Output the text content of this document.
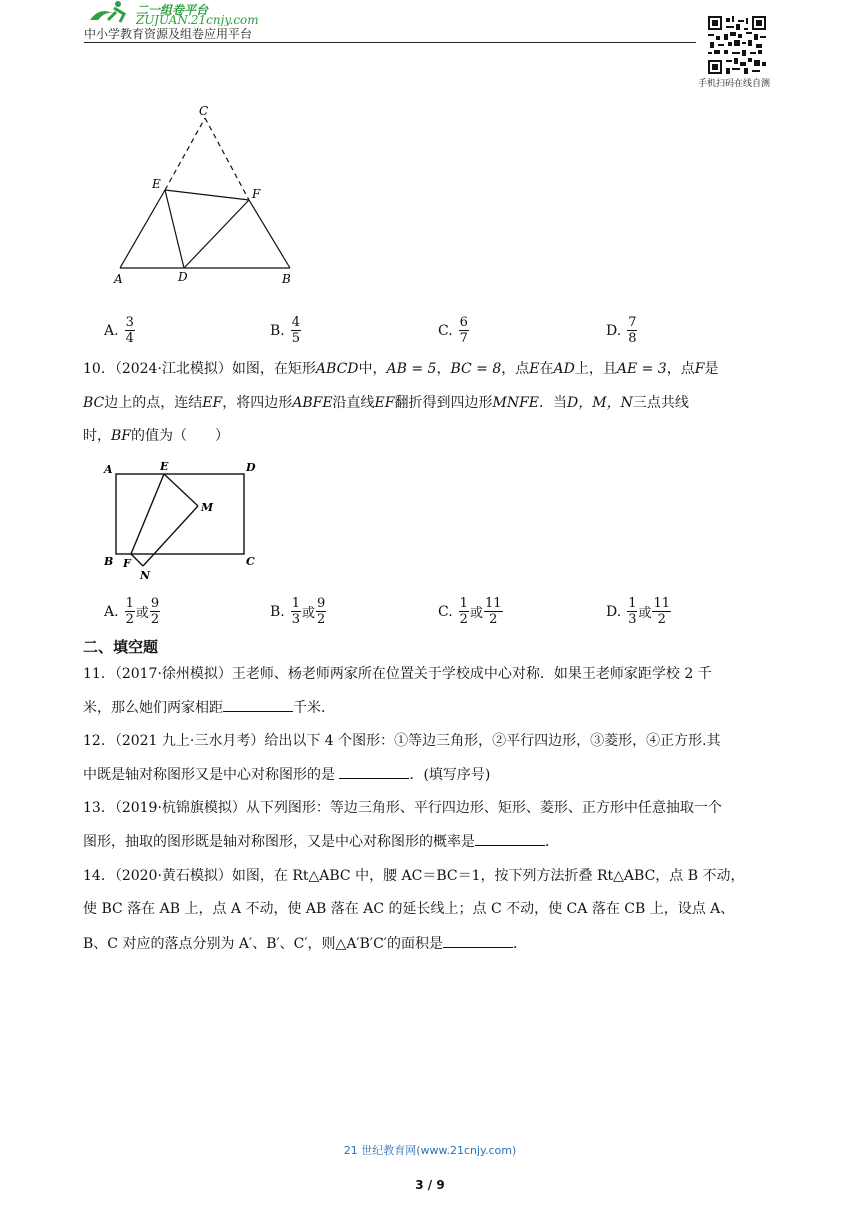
二一组卷平台
ZUJUAN.21cnjy.com
中小学教育资源及组卷应用平台
手机扫码在线自测
C
E
F
A	D	B
A. $\frac{3}{4}$	B. $\frac{4}{5}$	C. $\frac{6}{7}$	D. $\frac{7}{8}$
10．（2024·江北模拟）如图，在矩形ABCD中，AB = 5，BC = 8，点E在AD上，且AE = 3，点F是
BC边上的点，连结EF，将四边形ABFE沿直线EF翻折得到四边形MNFE．当D，M，N三点共线
时，BF的值为（　　）
A	E	D
M
B F
N
C
A. $\frac{1}{2}$ 或 $\frac{9}{2}$	B. $\frac{1}{3}$ 或 $\frac{9}{2}$	C. $\frac{1}{2}$ 或 $\frac{11}{2}$	D. $\frac{1}{3}$ 或 $\frac{11}{2}$
二、填空题
11．（2017·徐州模拟）王老师、杨老师两家所在位置关于学校成中心对称．如果王老师家距学校 2 千
米，那么她们两家相距	千米．
12．（2021 九上·三水月考）给出以下 4 个图形：①等边三角形，②平行四边形，③菱形，④正方形.其
中既是轴对称图形又是中心对称图形的是	．(填写序号)
13．（2019·杭锦旗模拟）从下列图形：等边三角形、平行四边形、矩形、菱形、正方形中任意抽取一个
图形，抽取的图形既是轴对称图形，又是中心对称图形的概率是	．
14．（2020·黄石模拟）如图，在 Rt△ABC 中，腰 AC＝BC＝1，按下列方法折叠 Rt△ABC，点 B 不动，
使 BC 落在 AB 上，点 A 不动，使 AB 落在 AC 的延长线上；点 C 不动，使 CA 落在 CB 上，设点 A、
B、C 对应的落点分别为 A′、B′、C′，则△A′B′C′的面积是	．
21 世纪教育网(www.21cnjy.com)
3 / 9
